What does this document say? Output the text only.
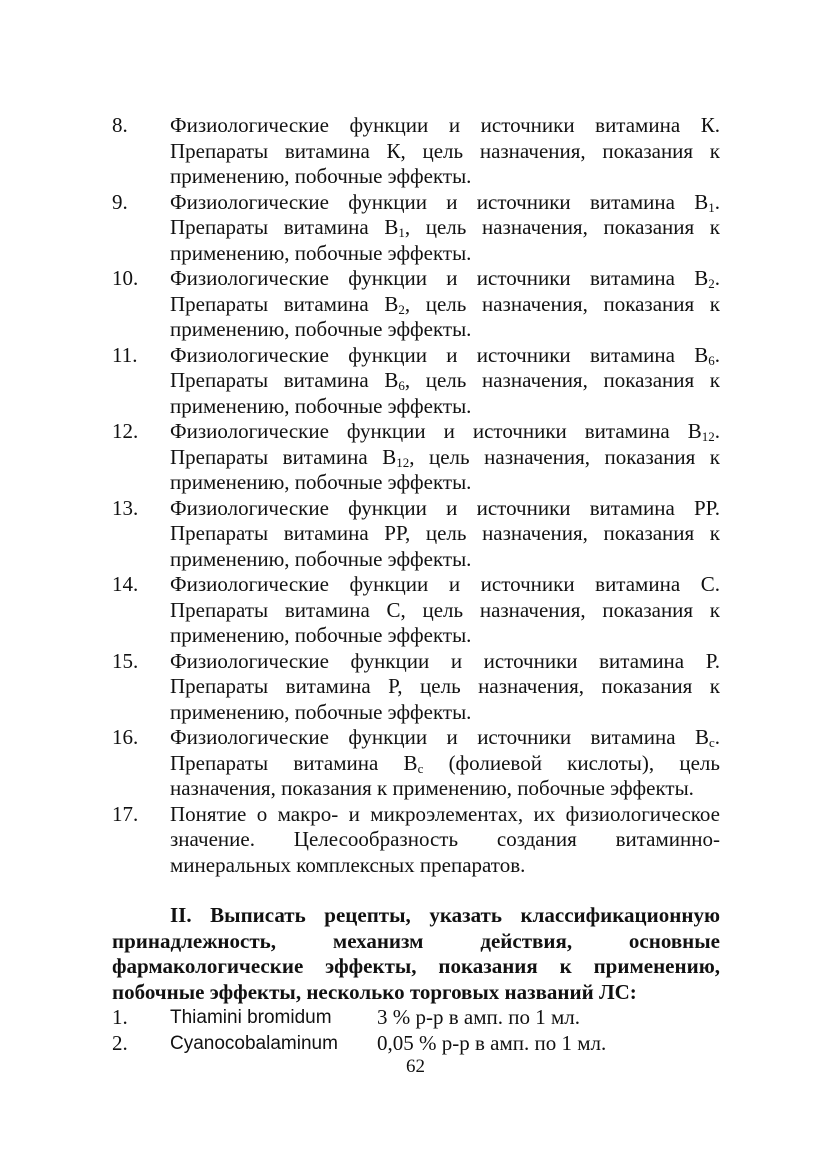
8. Физиологические функции и источники витамина К. Препараты витамина К, цель назначения, показания к применению, побочные эффекты.
9. Физиологические функции и источники витамина $В_1$. Препараты витамина $В_1$, цель назначения, показания к применению, побочные эффекты.
10. Физиологические функции и источники витамина $В_2$. Препараты витамина $В_2$, цель назначения, показания к применению, побочные эффекты.
11. Физиологические функции и источники витамина $В_6$. Препараты витамина $В_6$, цель назначения, показания к применению, побочные эффекты.
12. Физиологические функции и источники витамина $В_{12}$. Препараты витамина $В_{12}$, цель назначения, показания к применению, побочные эффекты.
13. Физиологические функции и источники витамина РР. Препараты витамина РР, цель назначения, показания к применению, побочные эффекты.
14. Физиологические функции и источники витамина С. Препараты витамина С, цель назначения, показания к применению, побочные эффекты.
15. Физиологические функции и источники витамина Р. Препараты витамина Р, цель назначения, показания к применению, побочные эффекты.
16. Физиологические функции и источники витамина $В_с$. Препараты витамина $В_с$ (фолиевой кислоты), цель назначения, показания к применению, побочные эффекты.
17. Понятие о макро- и микроэлементах, их физиологическое значение. Целесообразность создания витаминно-минеральных комплексных препаратов.
II. Выписать рецепты, указать классификационную принадлежность, механизм действия, основные фармакологические эффекты, показания к применению, побочные эффекты, несколько торговых названий ЛС:
1. Thiamini bromidum 3 % р-р в амп. по 1 мл.
2. Cyanocobalaminum 0,05 % р-р в амп. по 1 мл.
62
